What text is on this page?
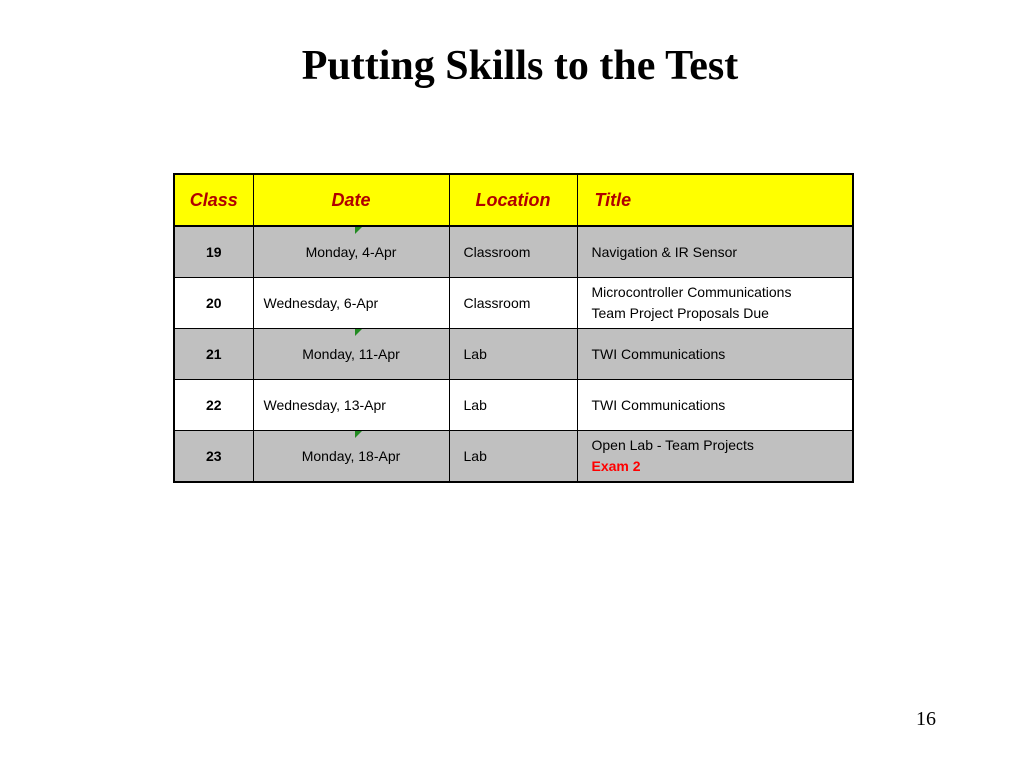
Putting Skills to the Test
Class	Date	Location	Title
19	Monday, 4-Apr	Classroom	Navigation & IR Sensor

20	Wednesday, 6-Apr	Classroom	Microcontroller Communications
Team Project Proposals Due

21	Monday, 11-Apr	Lab	TWI Communications

22	Wednesday, 13-Apr	Lab	TWI Communications

23	Monday, 18-Apr	Lab	Open Lab - Team Projects
Exam 2
16
